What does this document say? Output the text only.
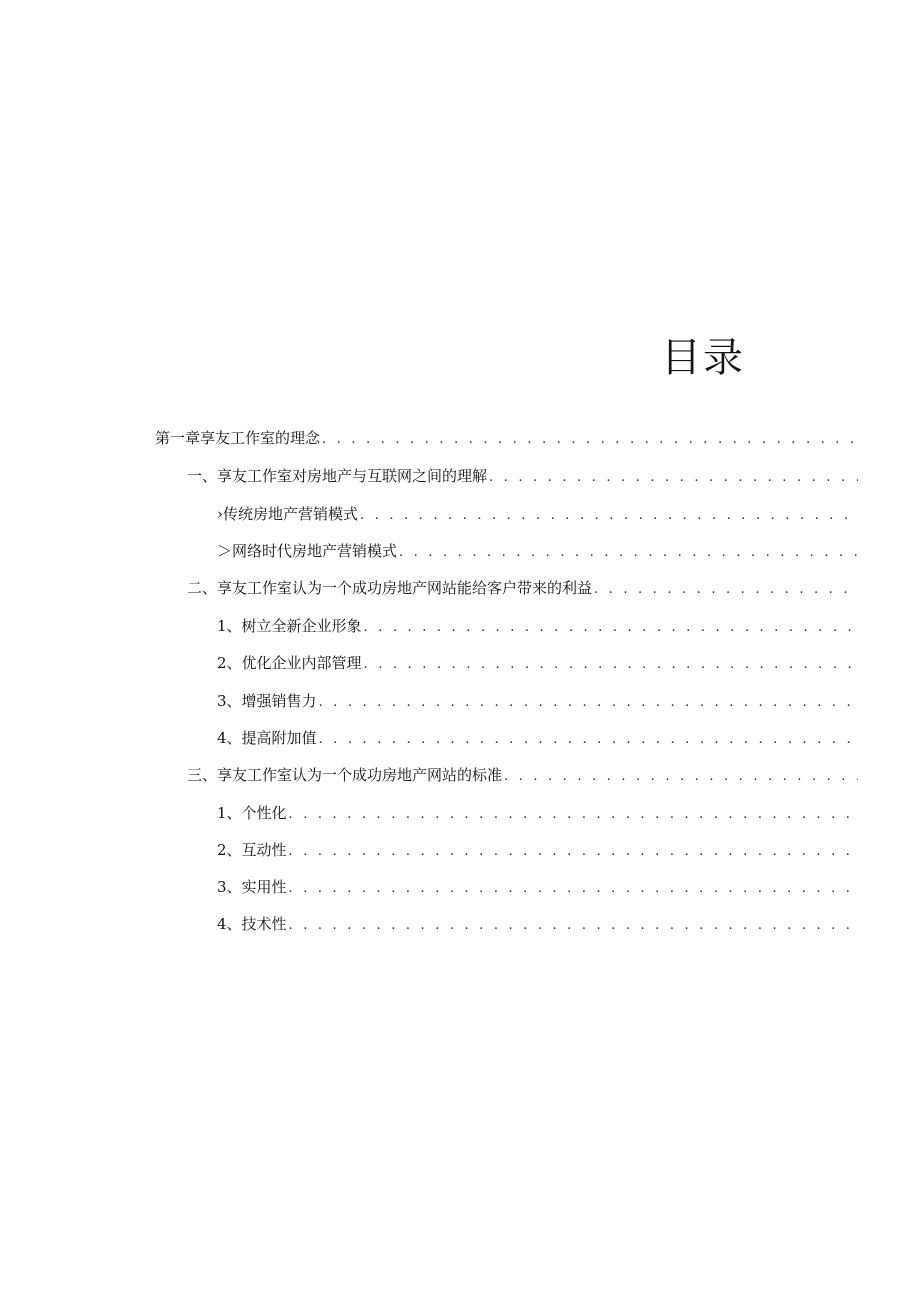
目录
第一章享友工作室的理念
. . .
一、享友工作室对房地产与互联网之间的理解
. . .
›传统房地产营销模式
. . .
＞网络时代房地产营销模式
. . .
二、享友工作室认为一个成功房地产网站能给客户带来的利益
. . .
1、树立全新企业形象
. . .
2、优化企业内部管理
. . .
3、增强销售力
. . .
4、提高附加值
. . .
三、享友工作室认为一个成功房地产网站的标准
. . .
1、个性化
. . .
2、互动性
. . .
3、实用性
. . .
4、技术性
. . .
